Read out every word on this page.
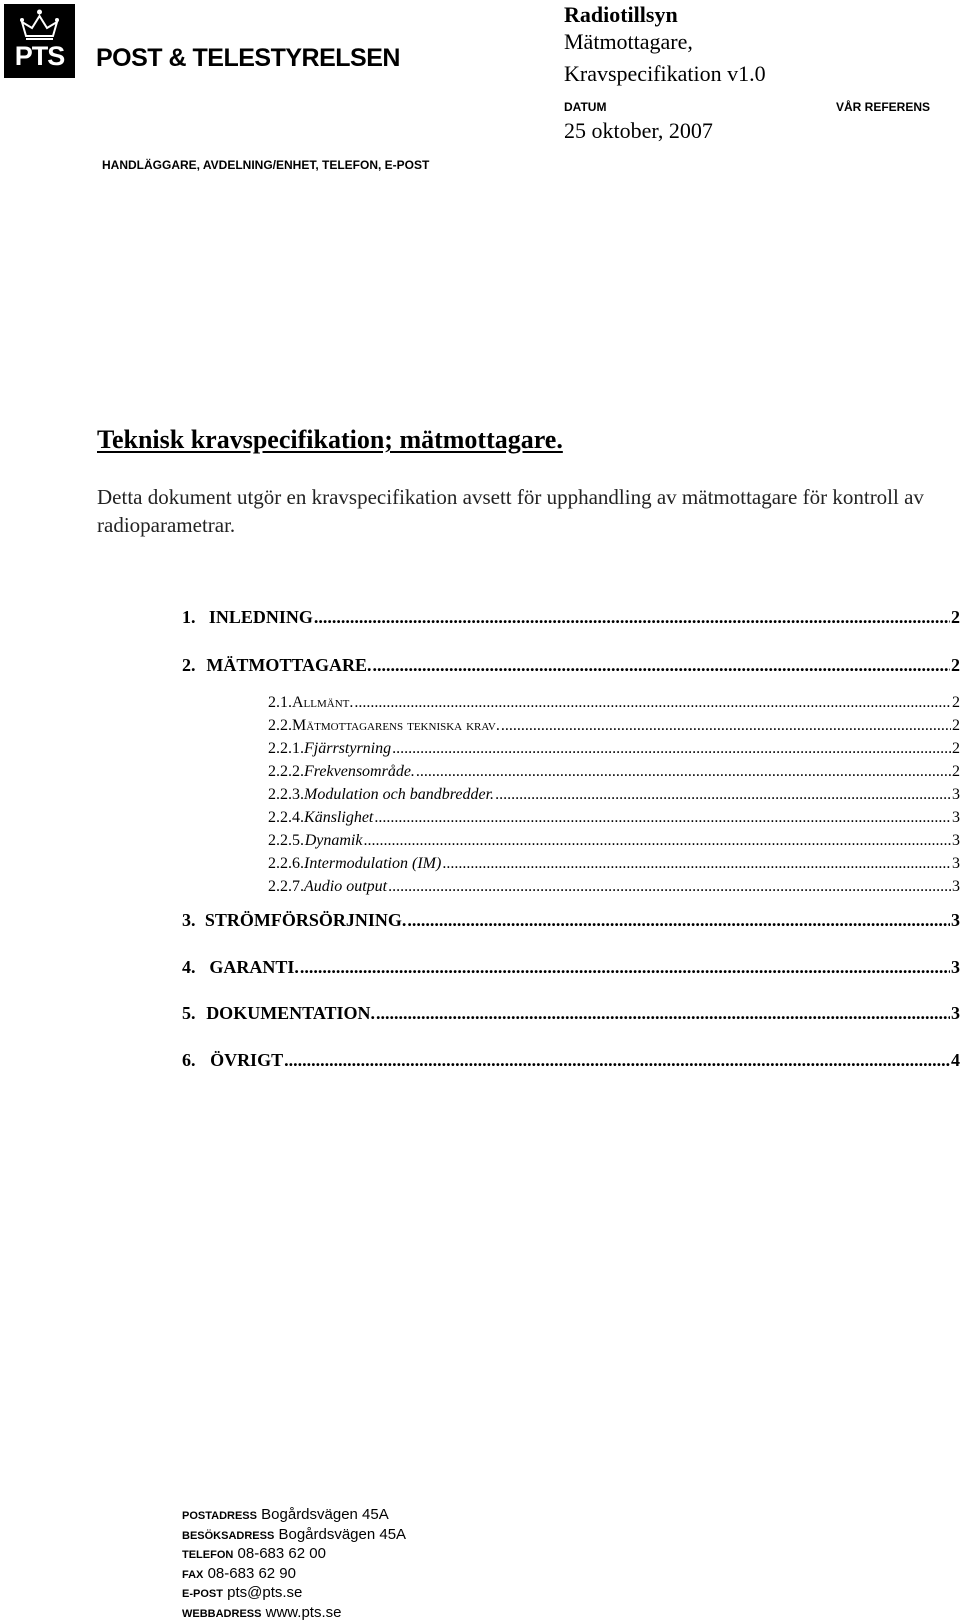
PTS	POST & TELESTYRELSEN
Radiotillsyn
Mätmottagare,
Kravspecifikation v1.0
DATUM	VÅR REFERENS
25 oktober, 2007
HANDLÄGGARE, AVDELNING/ENHET, TELEFON, E-POST
Teknisk kravspecifikation; mätmottagare.
Detta dokument utgör en kravspecifikation avsett för upphandling av mätmottagare för kontroll av radioparametrar.
1. INLEDNING .....	2
2. MÄTMOTTAGARE. .....	2
2.1. Allmänt. .....	2
2.2. Mätmottagarens tekniska krav. .....	2
2.2.1. Fjärrstyrning .....	2
2.2.2. Frekvensområde. .....	2
2.2.3. Modulation och bandbredder. .....	3
2.2.4. Känslighet .....	3
2.2.5. Dynamik .....	3
2.2.6. Intermodulation (IM) .....	3
2.2.7. Audio output .....	3
3. STRÖMFÖRSÖRJNING. .....	3
4. GARANTI. .....	3
5. DOKUMENTATION. .....	3
6. ÖVRIGT .....	4
POSTADRESS Bogårdsvägen 45A
BESÖKSADRESS Bogårdsvägen 45A
TELEFON 08-683 62 00
FAX 08-683 62 90
E-POST pts@pts.se
WEBBADRESS www.pts.se
